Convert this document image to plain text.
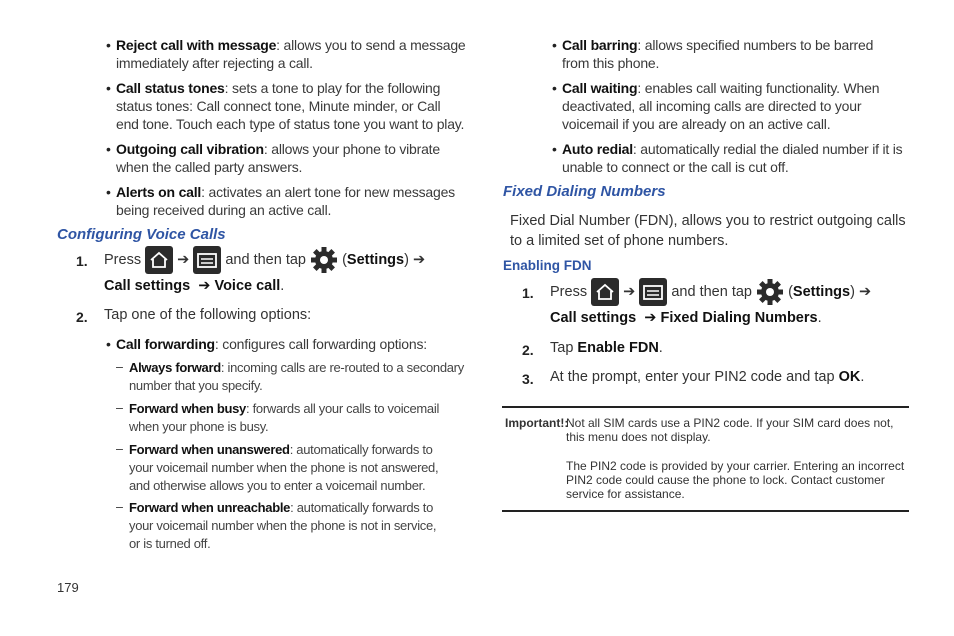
• Reject call with message: allows you to send a message immediately after rejecting a call.
• Call status tones: sets a tone to play for the following status tones: Call connect tone, Minute minder, or Call end tone. Touch each type of status tone you want to play.
• Outgoing call vibration: allows your phone to vibrate when the called party answers.
• Alerts on call: activates an alert tone for new messages being received during an active call.
Configuring Voice Calls
1. Press ➔ and then tap (Settings) ➔
Call settings ➔ Voice call.
2. Tap one of the following options:
• Call forwarding: configures call forwarding options:
– Always forward: incoming calls are re-routed to a secondary number that you specify.
– Forward when busy: forwards all your calls to voicemail when your phone is busy.
– Forward when unanswered: automatically forwards to your voicemail number when the phone is not answered, and otherwise allows you to enter a voicemail number.
– Forward when unreachable: automatically forwards to your voicemail number when the phone is not in service, or is turned off.
179
• Call barring: allows specified numbers to be barred from this phone.
• Call waiting: enables call waiting functionality. When deactivated, all incoming calls are directed to your voicemail if you are already on an active call.
• Auto redial: automatically redial the dialed number if it is unable to connect or the call is cut off.
Fixed Dialing Numbers
Fixed Dial Number (FDN), allows you to restrict outgoing calls to a limited set of phone numbers.
Enabling FDN
1. Press ➔ and then tap (Settings) ➔
Call settings ➔ Fixed Dialing Numbers.
2. Tap Enable FDN.
3. At the prompt, enter your PIN2 code and tap OK.
Important!:
Not all SIM cards use a PIN2 code. If your SIM card does not, this menu does not display.
The PIN2 code is provided by your carrier. Entering an incorrect PIN2 code could cause the phone to lock. Contact customer service for assistance.
